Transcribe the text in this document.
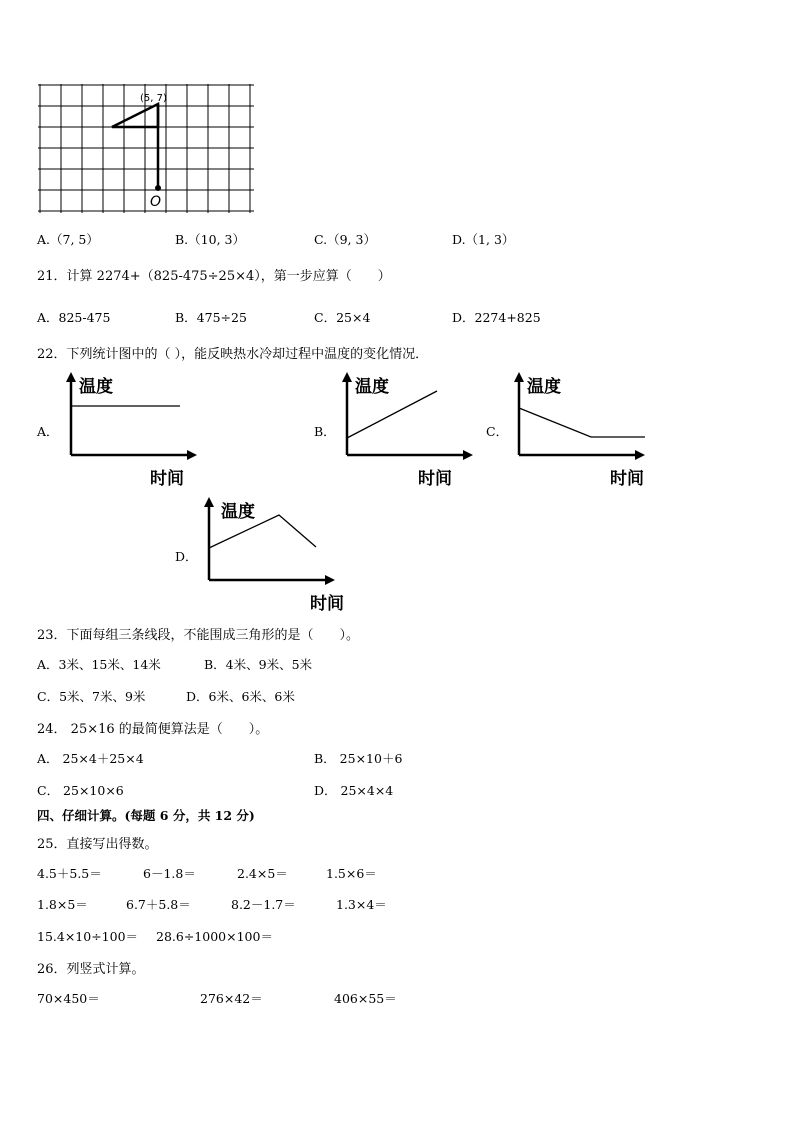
(5, 7)
O
A.（7, 5）	B.（10, 3）	C.（9, 3）	D.（1, 3）
21．计算 2274+（825-475÷25×4），第一步应算（　　）
A．825-475	B．475÷25	C．25×4	D．2274+825
22．下列统计图中的（ ），能反映热水冷却过程中温度的变化情况．
A．
温度
时间
B．
温度
时间
C．
温度
时间
D．
温度
时间
23．下面每组三条线段，不能围成三角形的是（　　）。
A．3米、15米、14米	B．4米、9米、5米
C．5米、7米、9米	D．6米、6米、6米
24． 25×16 的最简便算法是（　　）。
A． 25×4＋25×4	B． 25×10＋6
C． 25×10×6	D． 25×4×4
四、仔细计算。(每题 6 分，共 12 分)
25．直接写出得数。
4.5＋5.5＝	6－1.8＝	2.4×5＝	1.5×6＝
1.8×5＝	6.7＋5.8＝	8.2－1.7＝	1.3×4＝
15.4×10÷100＝ 28.6÷1000×100＝
26．列竖式计算。
70×450＝	276×42＝	406×55＝
